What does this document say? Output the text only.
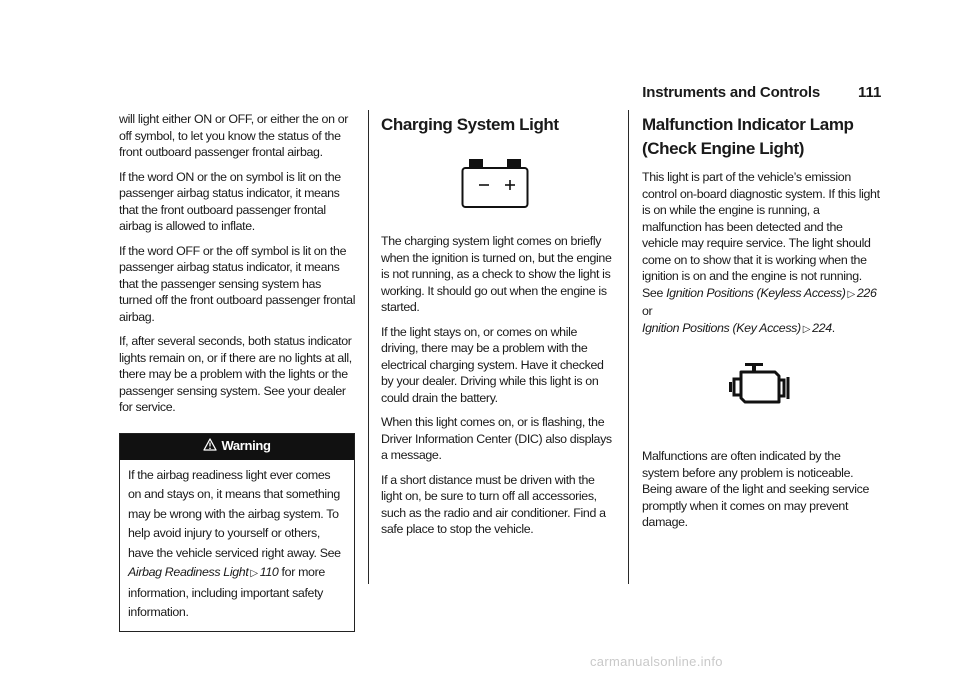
Instruments and Controls	111

will light either ON or OFF, or either the on or off symbol, to let you know the status of the front outboard passenger frontal airbag.

If the word ON or the on symbol is lit on the passenger airbag status indicator, it means that the front outboard passenger frontal airbag is allowed to inflate.

If the word OFF or the off symbol is lit on the passenger airbag status indicator, it means that the passenger sensing system has turned off the front outboard passenger frontal airbag.

If, after several seconds, both status indicator lights remain on, or if there are no lights at all, there may be a problem with the lights or the passenger sensing system. See your dealer for service.

Warning
If the airbag readiness light ever comes on and stays on, it means that something may be wrong with the airbag system. To help avoid injury to yourself or others, have the vehicle serviced right away. See Airbag Readiness Light ▷ 110 for more information, including important safety information.
Charging System Light

The charging system light comes on briefly when the ignition is turned on, but the engine is not running, as a check to show the light is working. It should go out when the engine is started.

If the light stays on, or comes on while driving, there may be a problem with the electrical charging system. Have it checked by your dealer. Driving while this light is on could drain the battery.

When this light comes on, or is flashing, the Driver Information Center (DIC) also displays a message.

If a short distance must be driven with the light on, be sure to turn off all accessories, such as the radio and air conditioner. Find a safe place to stop the vehicle.

Malfunction Indicator Lamp
(Check Engine Light)

This light is part of the vehicle’s emission control on-board diagnostic system. If this light is on while the engine is running, a malfunction has been detected and the vehicle may require service. The light should come on to show that it is working when the ignition is on and the engine is not running. See Ignition Positions (Keyless Access) ▷ 226 or
Ignition Positions (Key Access) ▷ 224.

Malfunctions are often indicated by the system before any problem is noticeable. Being aware of the light and seeking service promptly when it comes on may prevent damage.

carmanualsonline.info
